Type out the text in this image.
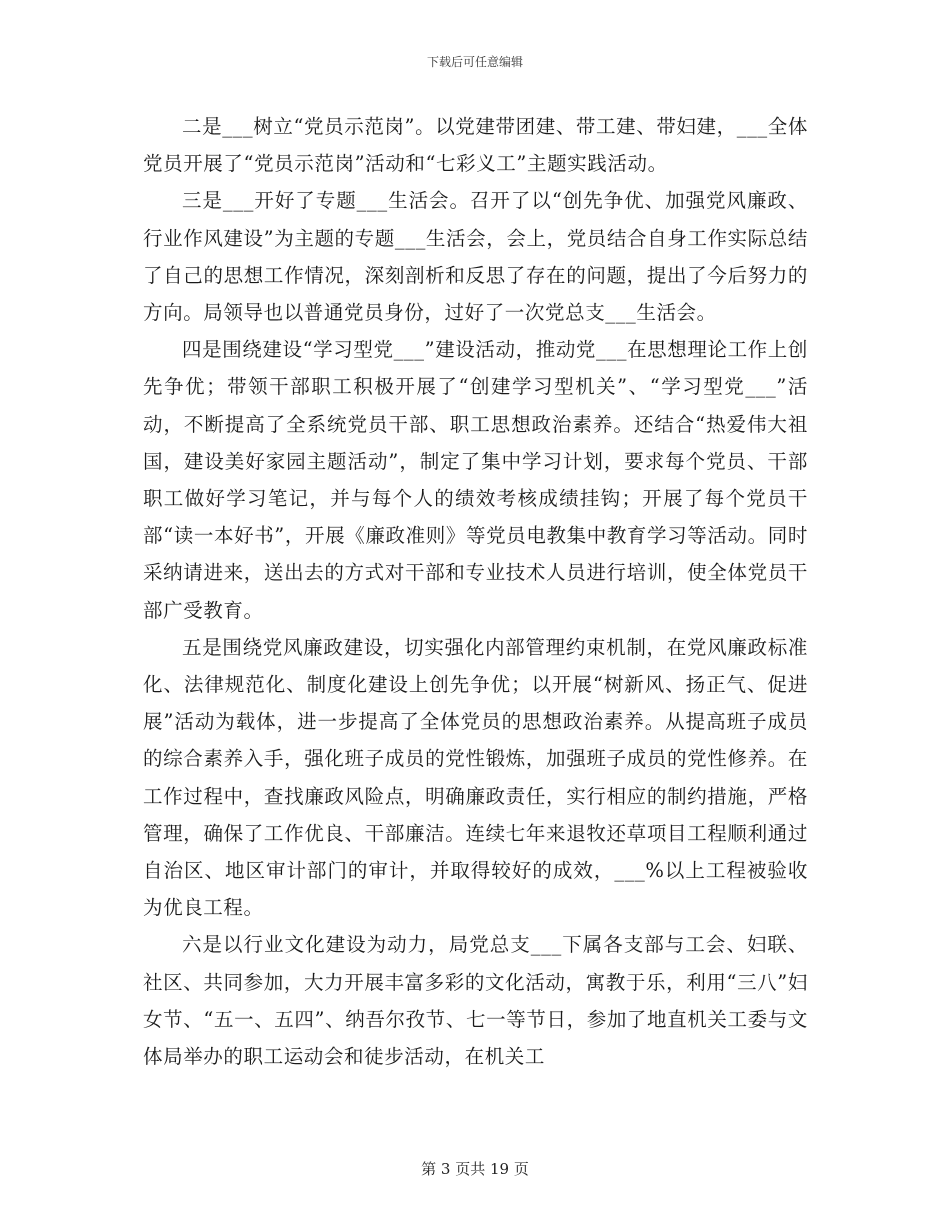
下载后可任意编辑

二是___树立“党员示范岗”。以党建带团建、带工建、带妇建，___全体党员开展了“党员示范岗”活动和“七彩义工”主题实践活动。

三是___开好了专题___生活会。召开了以“创先争优、加强党风廉政、行业作风建设”为主题的专题___生活会，会上，党员结合自身工作实际总结了自己的思想工作情况，深刻剖析和反思了存在的问题，提出了今后努力的方向。局领导也以普通党员身份，过好了一次党总支___生活会。

四是围绕建设“学习型党___”建设活动，推动党___在思想理论工作上创先争优；带领干部职工积极开展了“创建学习型机关”、“学习型党___”活动，不断提高了全系统党员干部、职工思想政治素养。还结合“热爱伟大祖国，建设美好家园主题活动”，制定了集中学习计划，要求每个党员、干部职工做好学习笔记，并与每个人的绩效考核成绩挂钩；开展了每个党员干部“读一本好书”，开展《廉政准则》等党员电教集中教育学习等活动。同时采纳请进来，送出去的方式对干部和专业技术人员进行培训，使全体党员干部广受教育。

五是围绕党风廉政建设，切实强化内部管理约束机制，在党风廉政标准化、法律规范化、制度化建设上创先争优；以开展“树新风、扬正气、促进展”活动为载体，进一步提高了全体党员的思想政治素养。从提高班子成员的综合素养入手，强化班子成员的党性锻炼，加强班子成员的党性修养。在工作过程中，查找廉政风险点，明确廉政责任，实行相应的制约措施，严格管理，确保了工作优良、干部廉洁。连续七年来退牧还草项目工程顺利通过自治区、地区审计部门的审计，并取得较好的成效，___%以上工程被验收为优良工程。

六是以行业文化建设为动力，局党总支___下属各支部与工会、妇联、社区、共同参加，大力开展丰富多彩的文化活动，寓教于乐，利用“三八”妇女节、“五一、五四”、纳吾尔孜节、七一等节日，参加了地直机关工委与文体局举办的职工运动会和徒步活动，在机关工

第 3 页共 19 页
